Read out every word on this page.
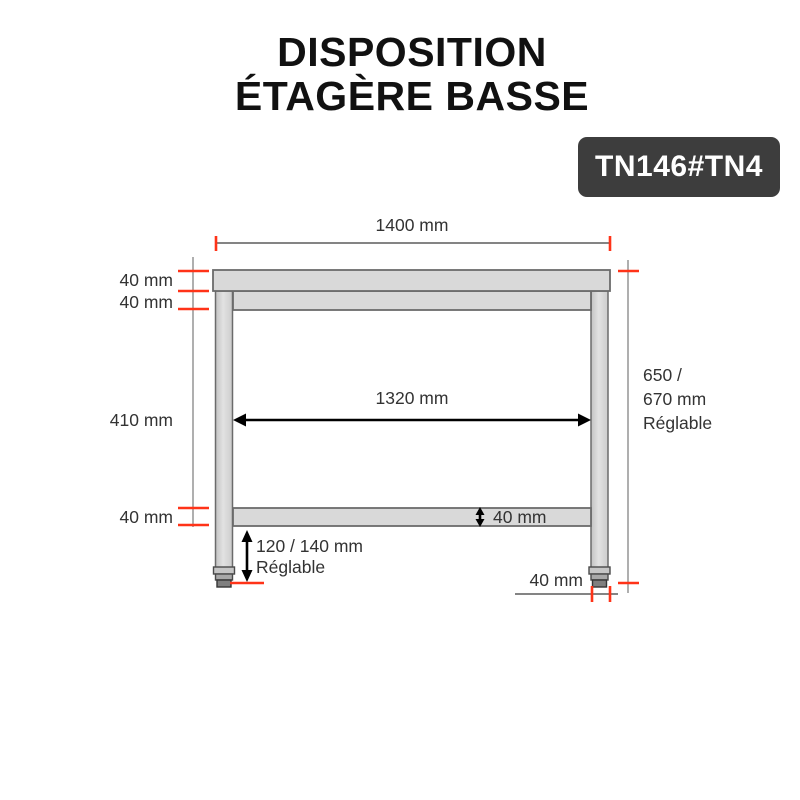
DISPOSITION
ÉTAGÈRE BASSE
TN146#TN4
1400 mm
40 mm
40 mm
410 mm
40 mm
1320 mm
650 /
670 mm
Réglable
40 mm
120 / 140 mm
Réglable
40 mm
